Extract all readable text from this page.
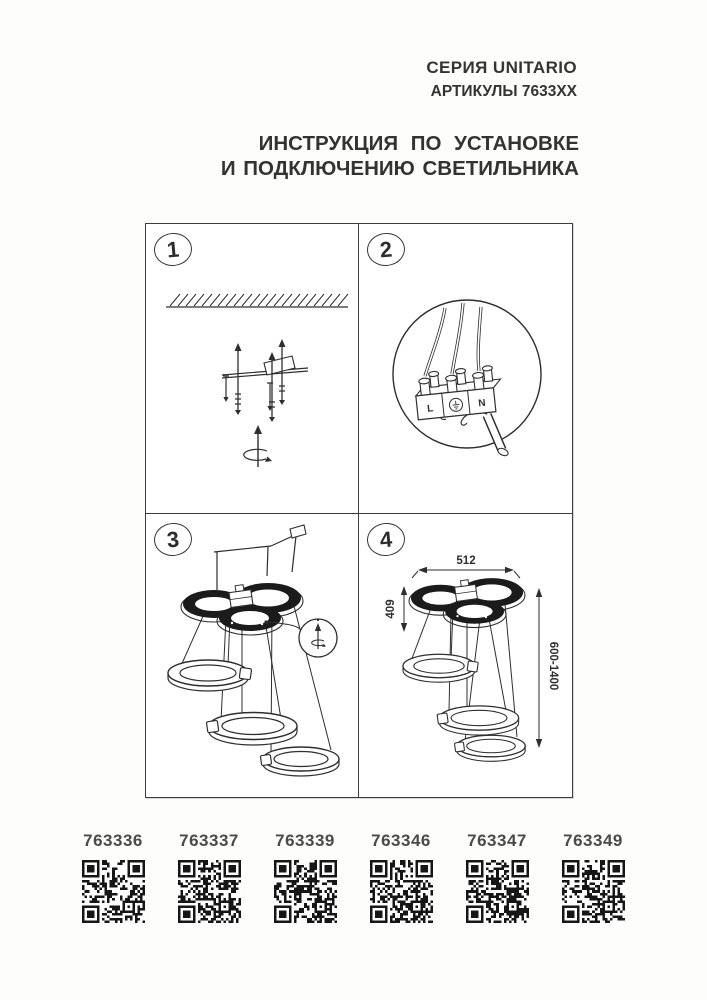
СЕРИЯ UNITARIO
АРТИКУЛЫ 7633XX
ИНСТРУКЦИЯ ПО УСТАНОВКЕ
И ПОДКЛЮЧЕНИЮ СВЕТИЛЬНИКА
1	2
L	N
3	4
512
409
600-1400
763336 763337 763339 763346 763347 763349
